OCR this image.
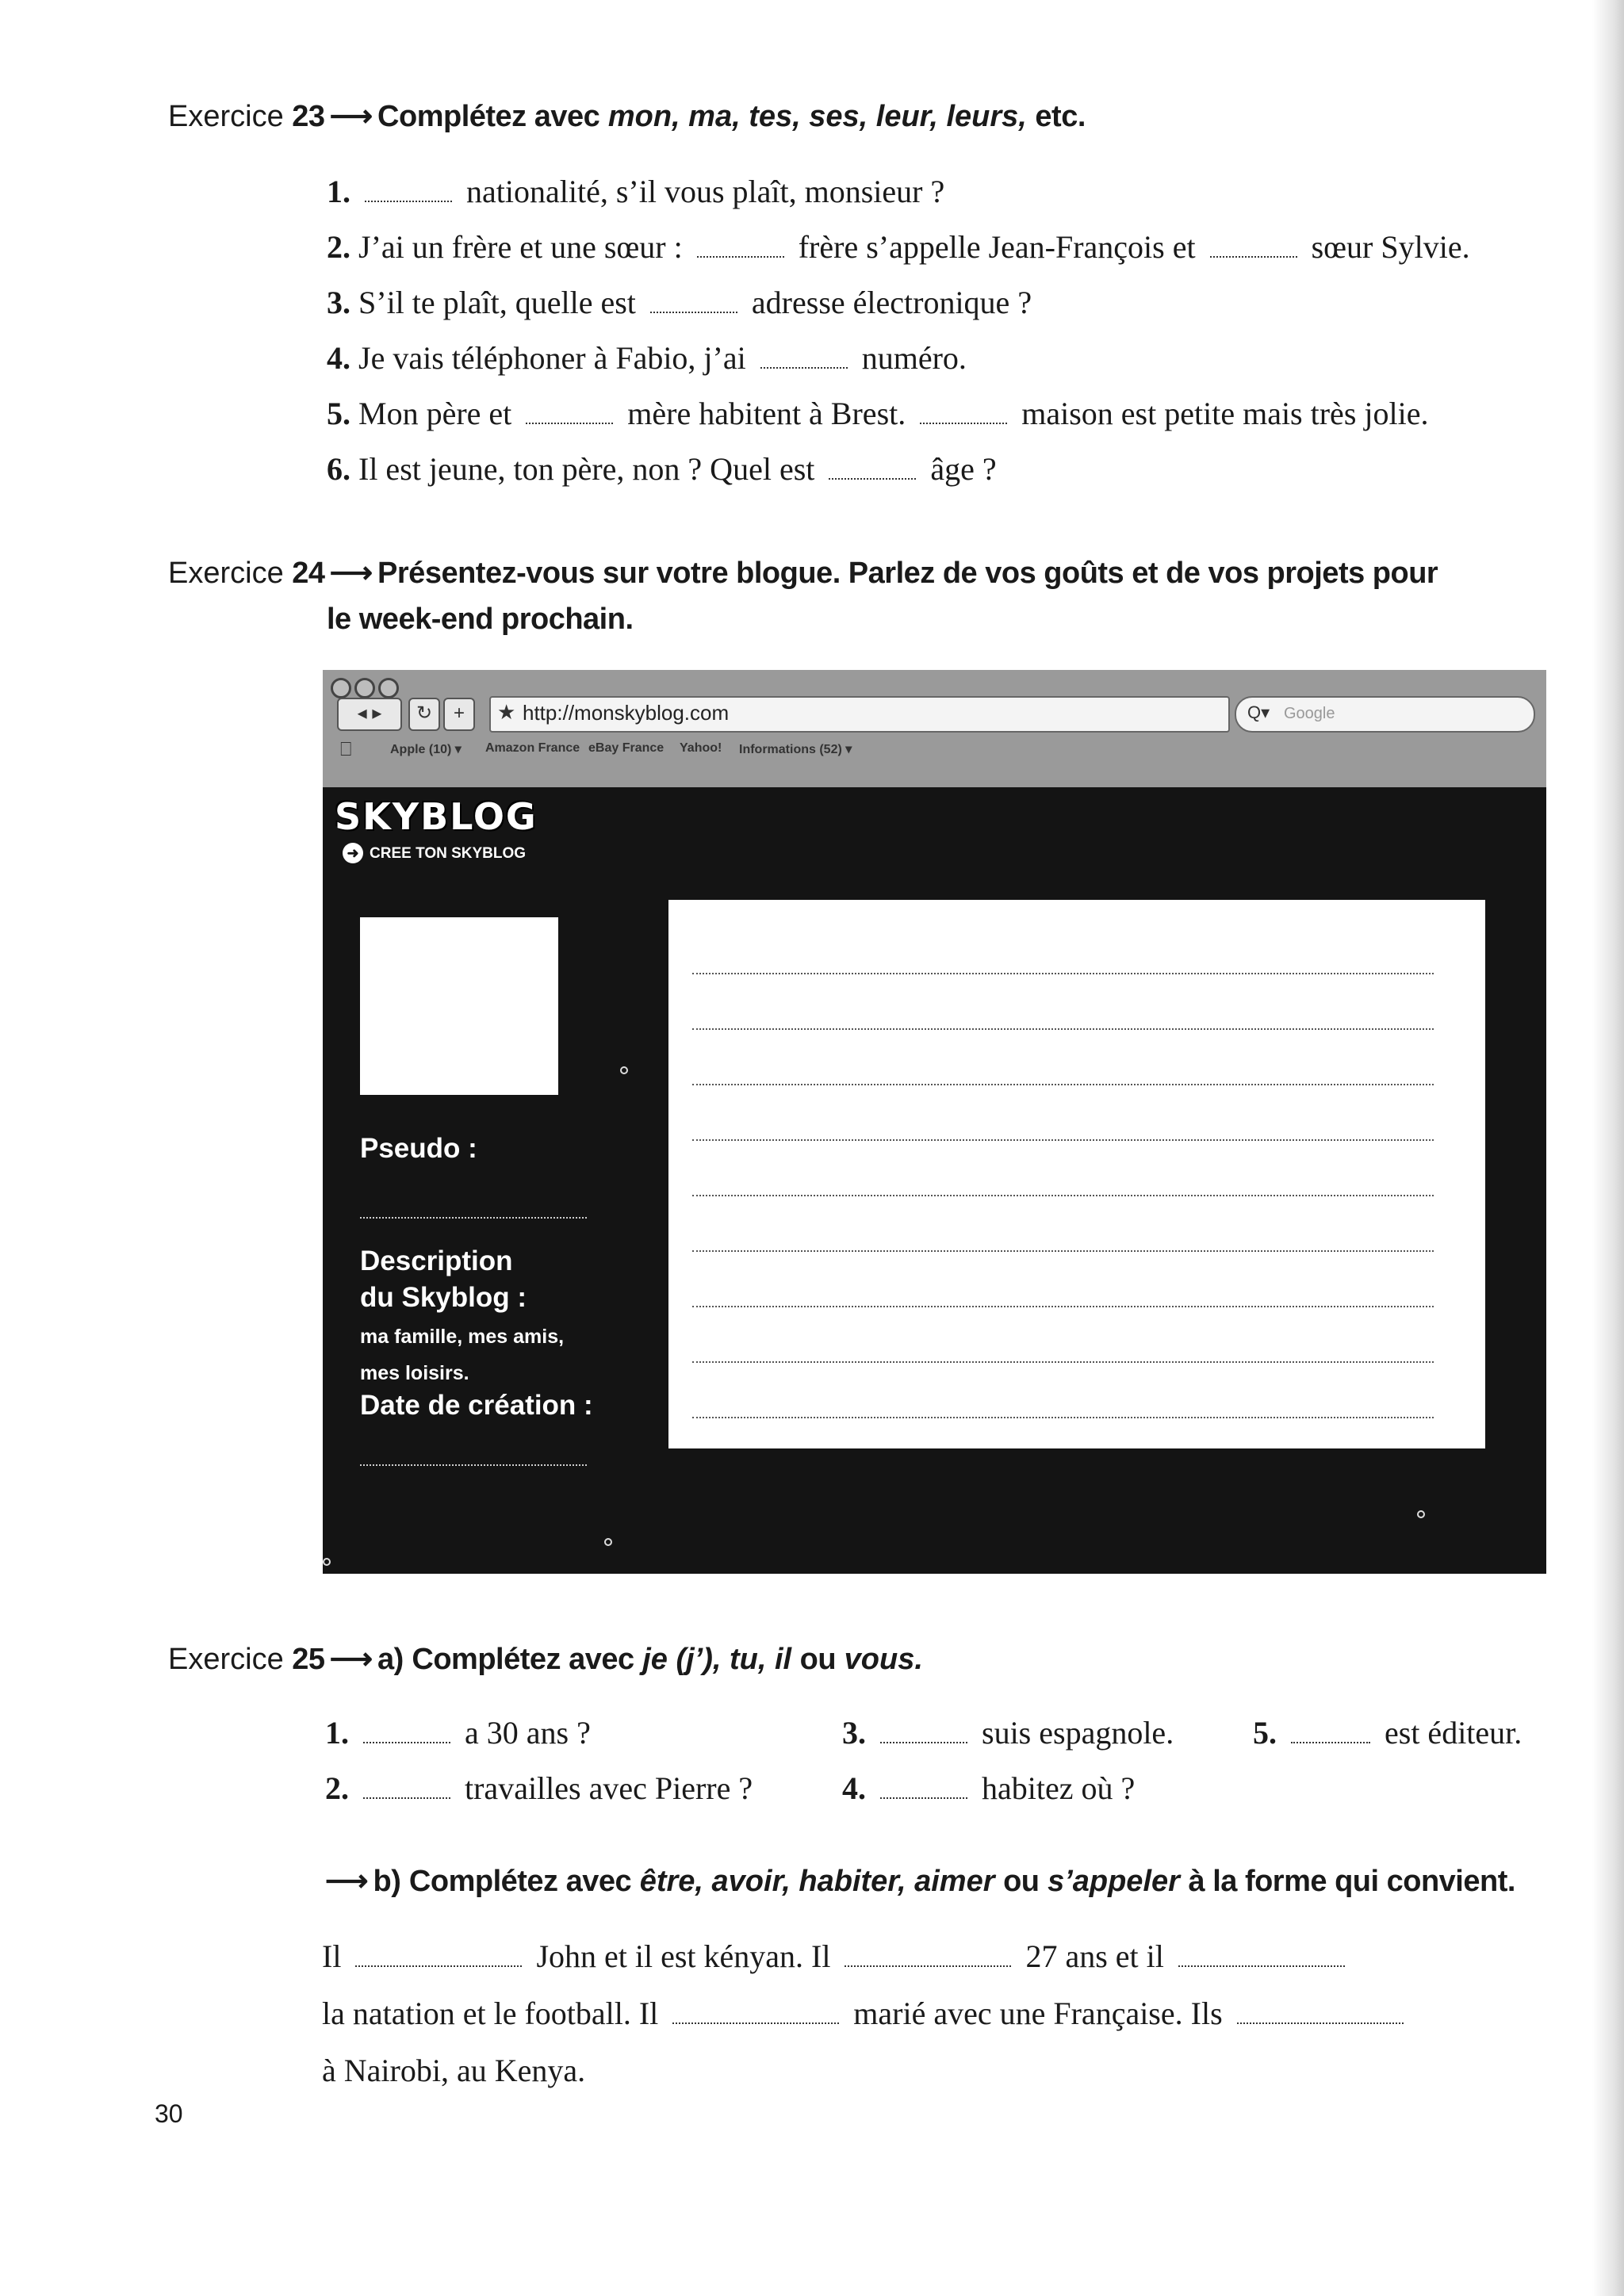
Exercice 23 ⟶ Complétez avec mon, ma, tes, ses, leur, leurs, etc.
1.	nationalité, s’il vous plaît, monsieur ?
2. J’ai un frère et une sœur :	frère s’appelle Jean-François et	sœur Sylvie.
3. S’il te plaît, quelle est	adresse électronique ?
4. Je vais téléphoner à Fabio, j’ai	numéro.
5. Mon père et	mère habitent à Brest.	maison est petite mais très jolie.
6. Il est jeune, ton père, non ? Quel est	âge ?
Exercice 24 ⟶ Présentez-vous sur votre blogue. Parlez de vos goûts et de vos projets pour
le week-end prochain.
◂ ▸	↻	+	★ http://monskyblog.com	Q▾ Google
⎕	Apple (10) ▾ Amazon France eBay France Yahoo! Informations (52) ▾
SKYBLOG
➜ CREE TON SKYBLOG
Pseudo :
Description
du Skyblog :
ma famille, mes amis,
mes loisirs.
Date de création :
Exercice 25 ⟶ a) Complétez avec je (j’), tu, il ou vous.
1.	a 30 ans ?
2.	travailles avec Pierre ?
3.	suis espagnole.
4.	habitez où ?
5.	est éditeur.
⟶ b) Complétez avec être, avoir, habiter, aimer ou s’appeler à la forme qui convient.
Il	John et il est kényan. Il	27 ans et il
la natation et le football. Il	marié avec une Française. Ils
à Nairobi, au Kenya.
30
